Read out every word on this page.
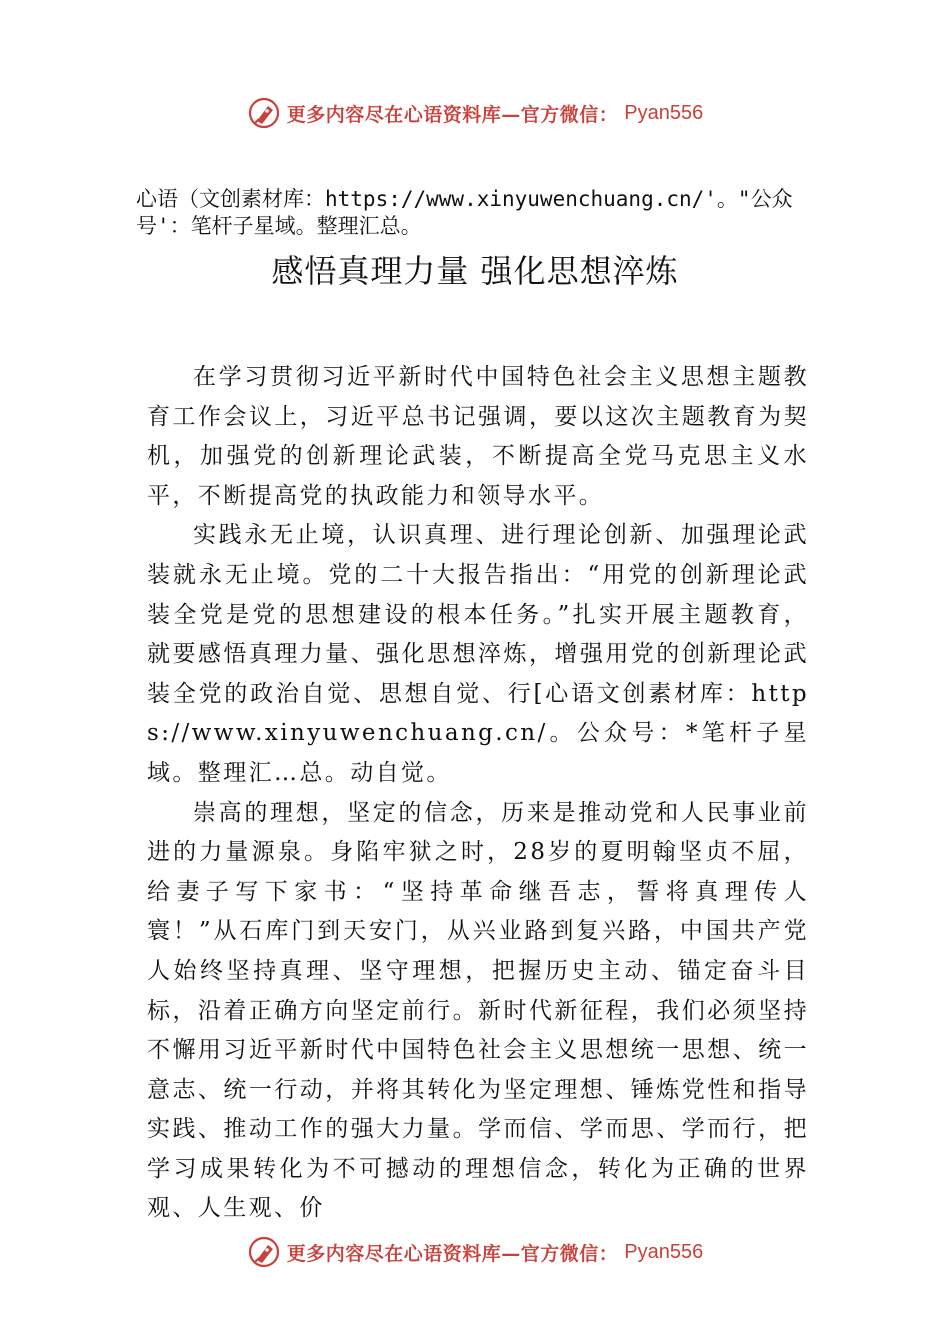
更多内容尽在心语资料库—官方微信： Pyan556
心语（文创素材库：https://www.xinyuwenchuang.cn/'。"公众号'：笔杆子星域。整理汇总。
感悟真理力量 强化思想淬炼

在学习贯彻习近平新时代中国特色社会主义思想主题教育工作会议上，习近平总书记强调，要以这次主题教育为契机，加强党的创新理论武装，不断提高全党马克思主义水平，不断提高党的执政能力和领导水平。

实践永无止境，认识真理、进行理论创新、加强理论武装就永无止境。党的二十大报告指出：“用党的创新理论武装全党是党的思想建设的根本任务。”扎实开展主题教育，就要感悟真理力量、强化思想淬炼，增强用党的创新理论武装全党的政治自觉、思想自觉、行[心语文创素材库：https://www.xinyuwenchuang.cn/。公众号：*笔杆子星域。整理汇…总。动自觉。

崇高的理想，坚定的信念，历来是推动党和人民事业前进的力量源泉。身陷牢狱之时，28岁的夏明翰坚贞不屈，给妻子写下家书：“坚持革命继吾志，誓将真理传人寰！”从石库门到天安门，从兴业路到复兴路，中国共产党人始终坚持真理、坚守理想，把握历史主动、锚定奋斗目标，沿着正确方向坚定前行。新时代新征程，我们必须坚持不懈用习近平新时代中国特色社会主义思想统一思想、统一意志、统一行动，并将其转化为坚定理想、锤炼党性和指导实践、推动工作的强大力量。学而信、学而思、学而行，把学习成果转化为不可撼动的理想信念，转化为正确的世界观、人生观、价

更多内容尽在心语资料库—官方微信： Pyan556
